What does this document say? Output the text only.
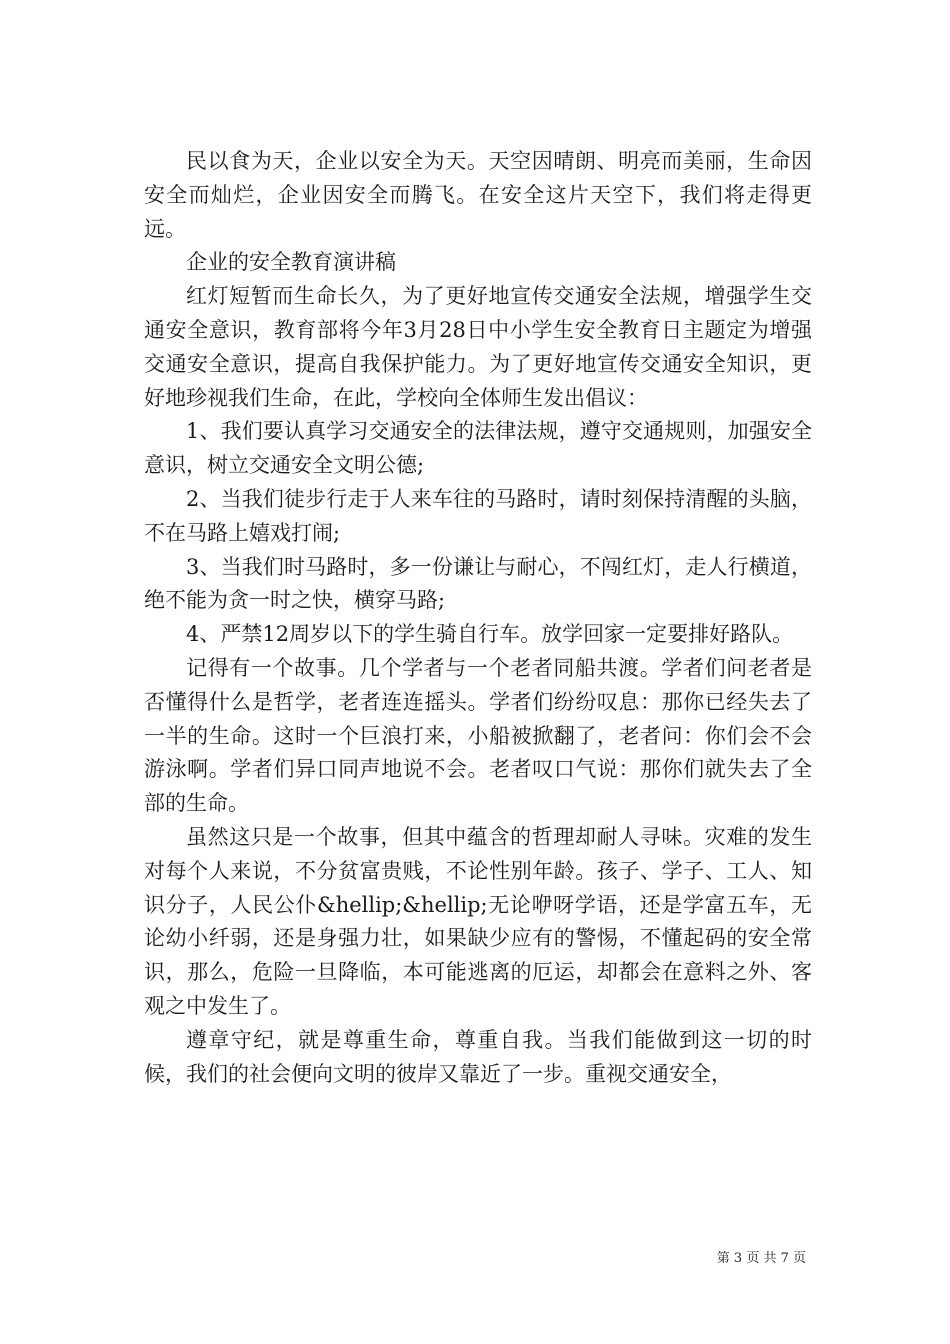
民以食为天，企业以安全为天。天空因晴朗、明亮而美丽，生命因安全而灿烂，企业因安全而腾飞。在安全这片天空下，我们将走得更远。

企业的安全教育演讲稿

红灯短暂而生命长久，为了更好地宣传交通安全法规，增强学生交通安全意识，教育部将今年3月28日中小学生安全教育日主题定为增强交通安全意识，提高自我保护能力。为了更好地宣传交通安全知识，更好地珍视我们生命，在此，学校向全体师生发出倡议：

1、我们要认真学习交通安全的法律法规，遵守交通规则，加强安全意识，树立交通安全文明公德;

2、当我们徒步行走于人来车往的马路时，请时刻保持清醒的头脑，不在马路上嬉戏打闹;

3、当我们时马路时，多一份谦让与耐心，不闯红灯，走人行横道，绝不能为贪一时之快，横穿马路;

4、严禁12周岁以下的学生骑自行车。放学回家一定要排好路队。

记得有一个故事。几个学者与一个老者同船共渡。学者们问老者是否懂得什么是哲学，老者连连摇头。学者们纷纷叹息：那你已经失去了一半的生命。这时一个巨浪打来，小船被掀翻了，老者问：你们会不会游泳啊。学者们异口同声地说不会。老者叹口气说：那你们就失去了全部的生命。

虽然这只是一个故事，但其中蕴含的哲理却耐人寻味。灾难的发生对每个人来说，不分贫富贵贱，不论性别年龄。孩子、学子、工人、知识分子，人民公仆&hellip;&hellip;无论咿呀学语，还是学富五车，无论幼小纤弱，还是身强力壮，如果缺少应有的警惕，不懂起码的安全常识，那么，危险一旦降临，本可能逃离的厄运，却都会在意料之外、客观之中发生了。

遵章守纪，就是尊重生命，尊重自我。当我们能做到这一切的时候，我们的社会便向文明的彼岸又靠近了一步。重视交通安全，

第 3 页 共 7 页
